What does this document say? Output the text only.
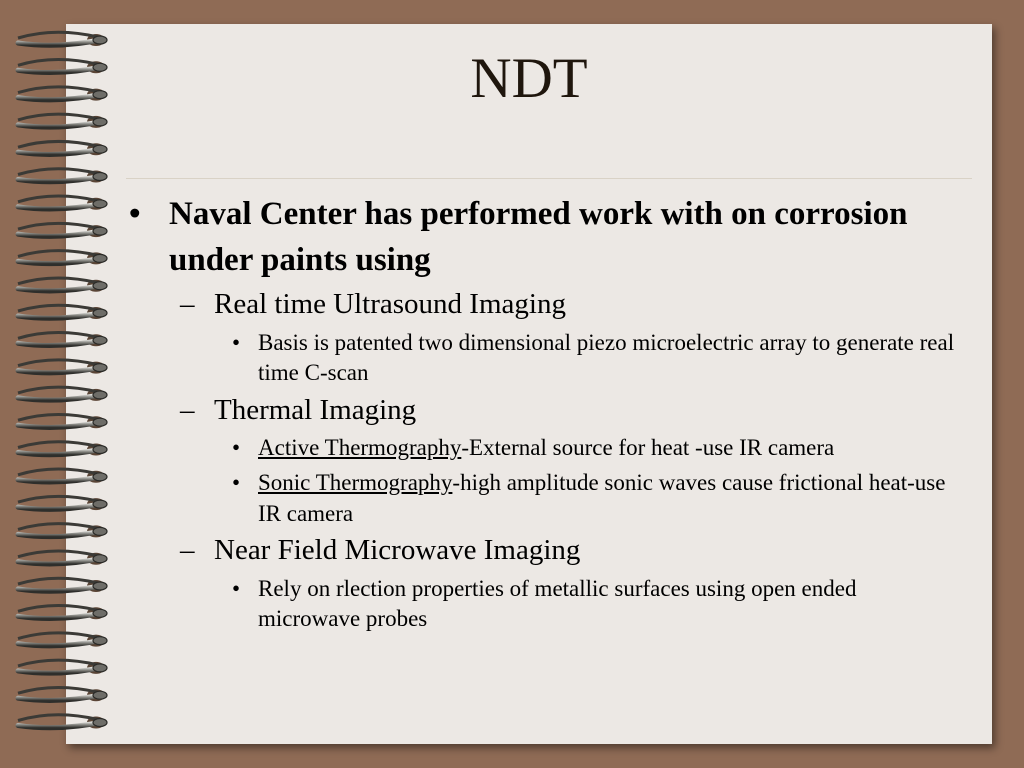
NDT
• Naval Center has performed work with on corrosion under paints using
– Real time Ultrasound Imaging
• Basis is patented two dimensional piezo microelectric array to generate real time C-scan
– Thermal Imaging
• Active Thermography-External source for heat -use IR camera
• Sonic Thermography-high amplitude sonic waves cause frictional heat-use IR camera
– Near Field Microwave Imaging
• Rely on rlection properties of metallic surfaces using open ended microwave probes
